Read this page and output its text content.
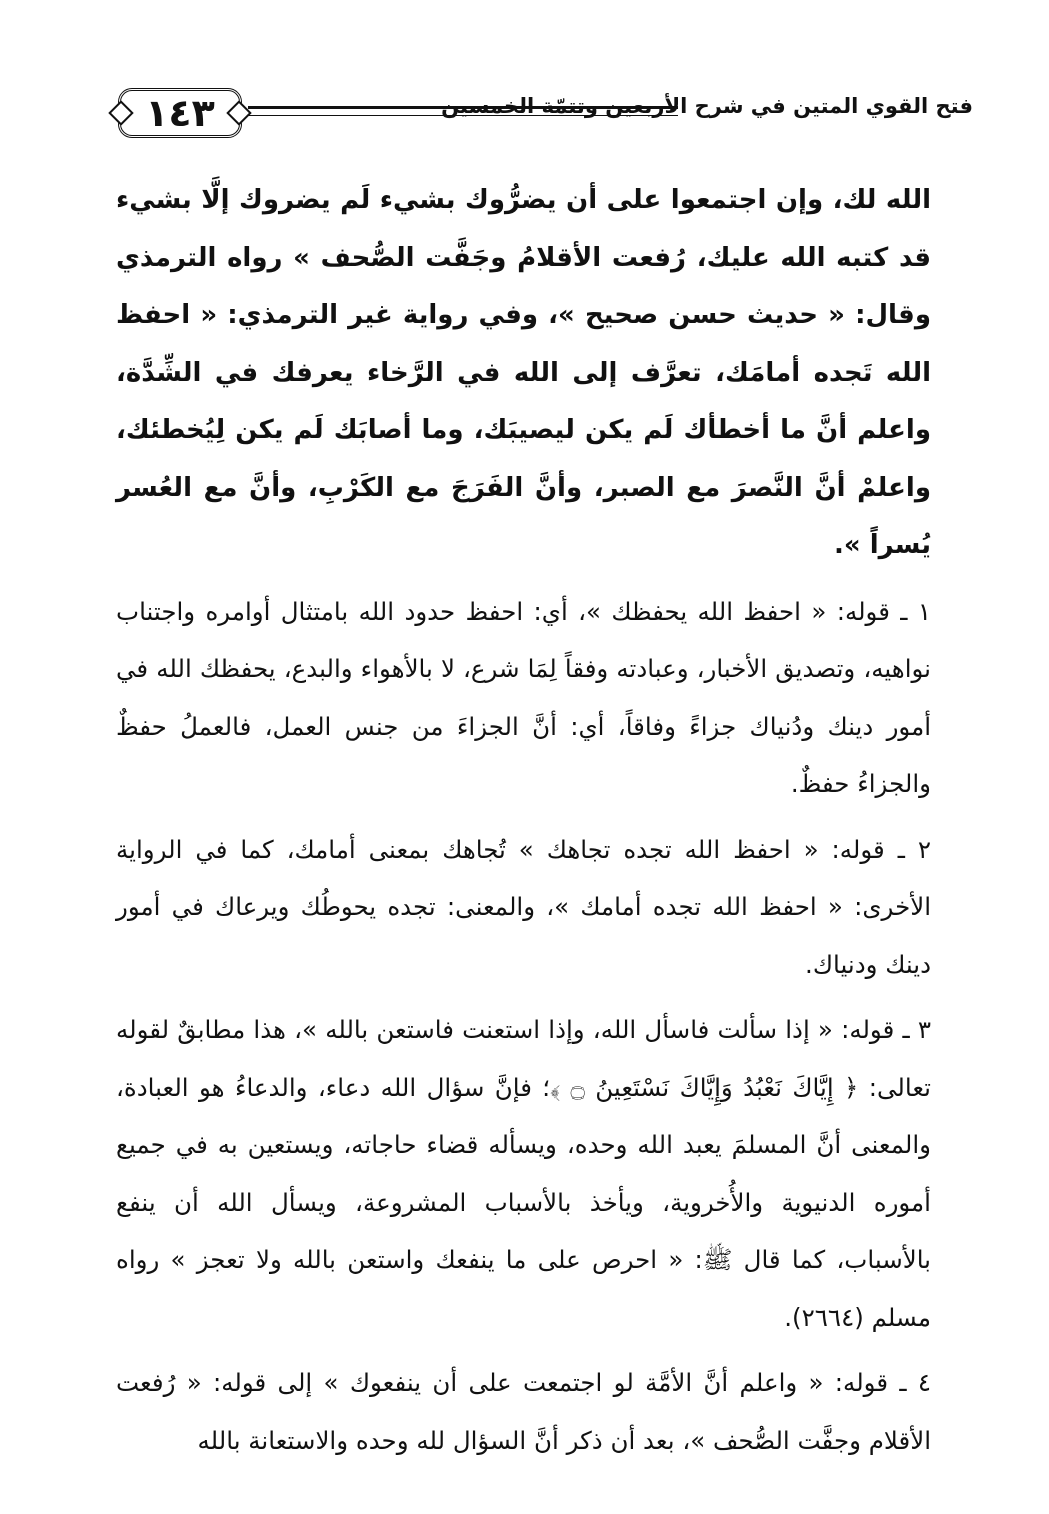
١٤٣	فتح القوي المتين في شرح الأربعين وتتمّة الخمسين

الله لك، وإن اجتمعوا على أن يضرُّوك بشيء لَم يضروك إلَّا بشيء قد كتبه الله عليك، رُفعت الأقلامُ وجَفَّت الصُّحف » رواه الترمذي وقال: « حديث حسن صحيح »، وفي رواية غير الترمذي: « احفظ الله تَجده أمامَك، تعرَّف إلى الله في الرَّخاء يعرفك في الشِّدَّة، واعلم أنَّ ما أخطأك لَم يكن ليصيبَك، وما أصابَك لَم يكن لِيُخطئك، واعلمْ أنَّ النَّصرَ مع الصبر، وأنَّ الفَرَجَ مع الكَرْبِ، وأنَّ مع العُسر يُسراً ».

١ ـ قوله: « احفظ الله يحفظك »، أي: احفظ حدود الله بامتثال أوامره واجتناب نواهيه، وتصديق الأخبار، وعبادته وفقاً لِمَا شرع، لا بالأهواء والبدع، يحفظك الله في أمور دينك ودُنياك جزاءً وفاقاً، أي: أنَّ الجزاءَ من جنس العمل، فالعملُ حفظٌ والجزاءُ حفظٌ.

٢ ـ قوله: « احفظ الله تجده تجاهك » تُجاهك بمعنى أمامك، كما في الرواية الأخرى: « احفظ الله تجده أمامك »، والمعنى: تجده يحوطُك ويرعاك في أمور دينك ودنياك.

٣ ـ قوله: « إذا سألت فاسأل الله، وإذا استعنت فاستعن بالله »، هذا مطابقٌ لقوله تعالى: ﴿ إِيَّاكَ نَعْبُدُ وَإِيَّاكَ نَسْتَعِينُ ۝ ﴾؛ فإنَّ سؤال الله دعاء، والدعاءُ هو العبادة، والمعنى أنَّ المسلمَ يعبد الله وحده، ويسأله قضاء حاجاته، ويستعين به في جميع أموره الدنيوية والأُخروية، ويأخذ بالأسباب المشروعة، ويسأل الله أن ينفع بالأسباب، كما قال ﷺ: « احرص على ما ينفعك واستعن بالله ولا تعجز » رواه مسلم (٢٦٦٤).

٤ ـ قوله: « واعلم أنَّ الأمَّة لو اجتمعت على أن ينفعوك » إلى قوله: « رُفعت الأقلام وجفَّت الصُّحف »، بعد أن ذكر أنَّ السؤال لله وحده والاستعانة بالله
